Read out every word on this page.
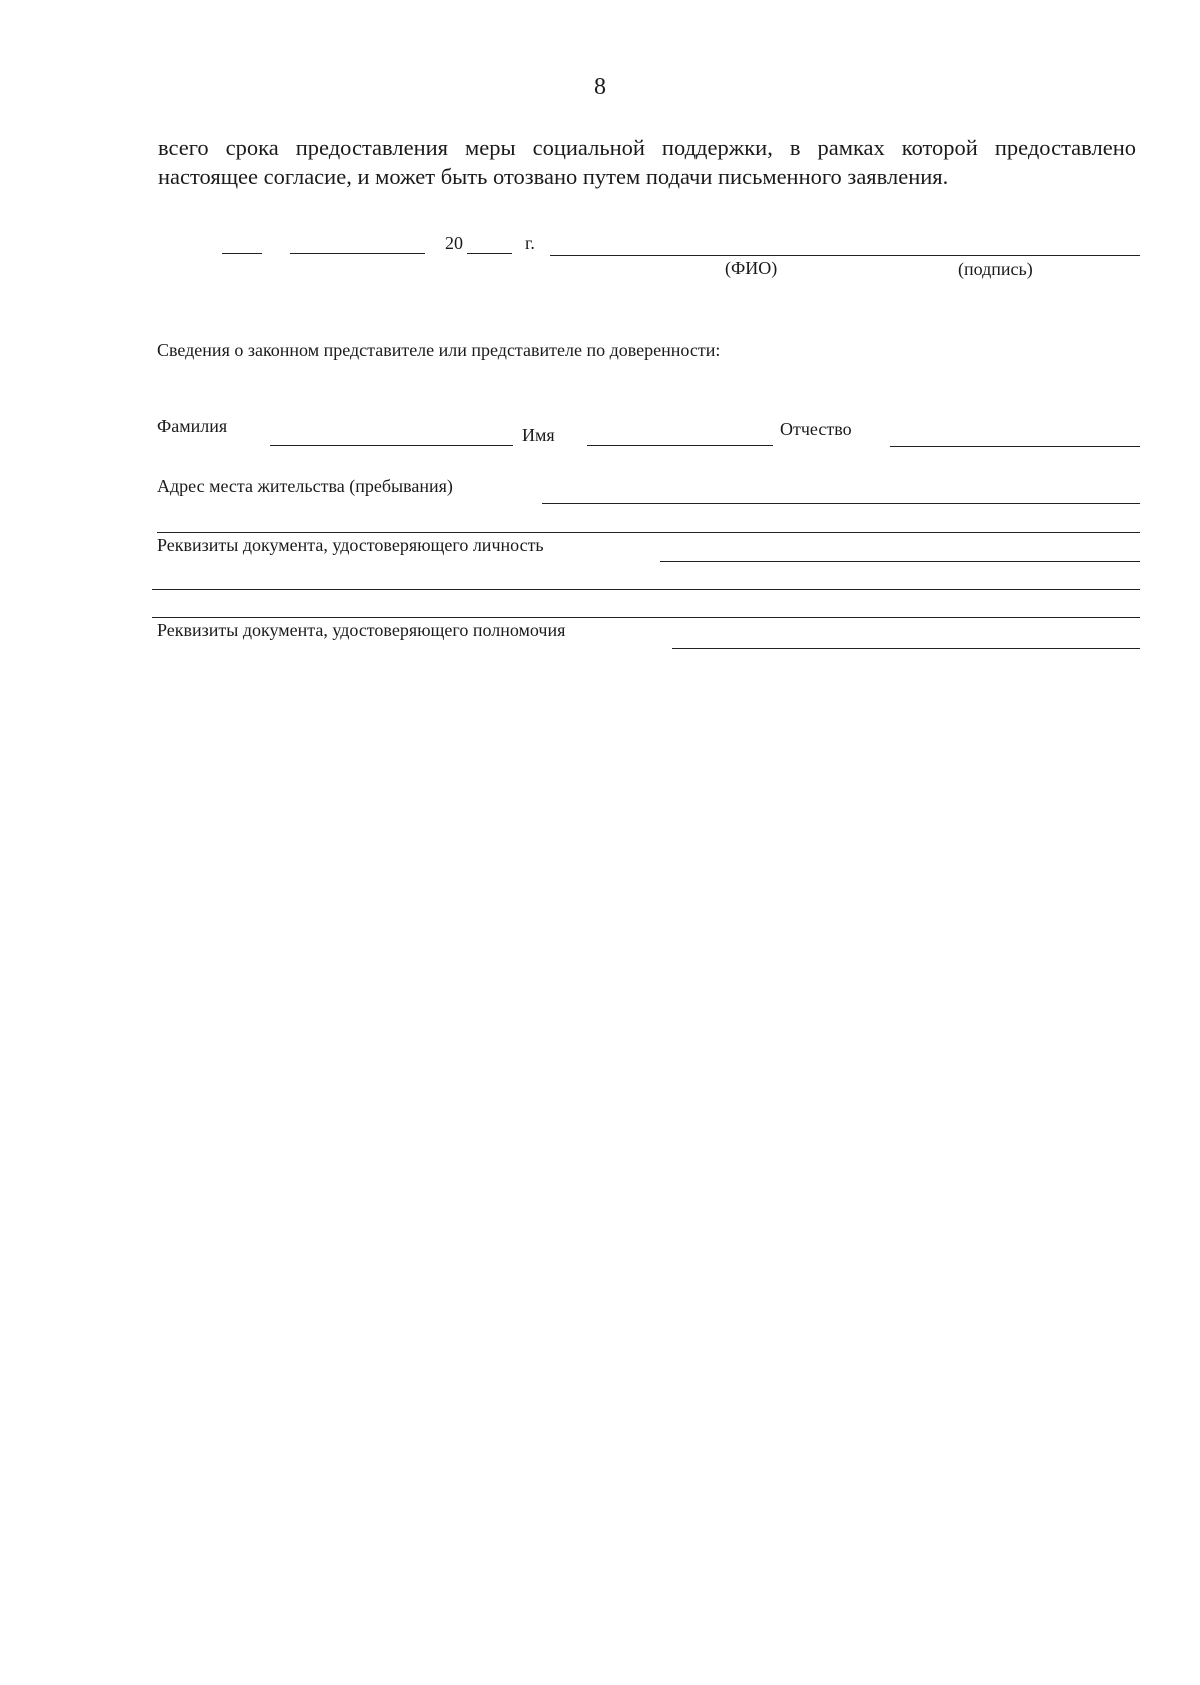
8

всего срока предоставления меры социальной поддержки, в рамках которой предоставлено

настоящее согласие, и может быть отозвано путем подачи письменного заявления.

20	г.
(ФИО)	(подпись)
Сведения о законном представителе или представителе по доверенности:
Фамилия	Имя	Отчество
Адрес места жительства (пребывания)
Реквизиты документа, удостоверяющего личность
Реквизиты документа, удостоверяющего полномочия
